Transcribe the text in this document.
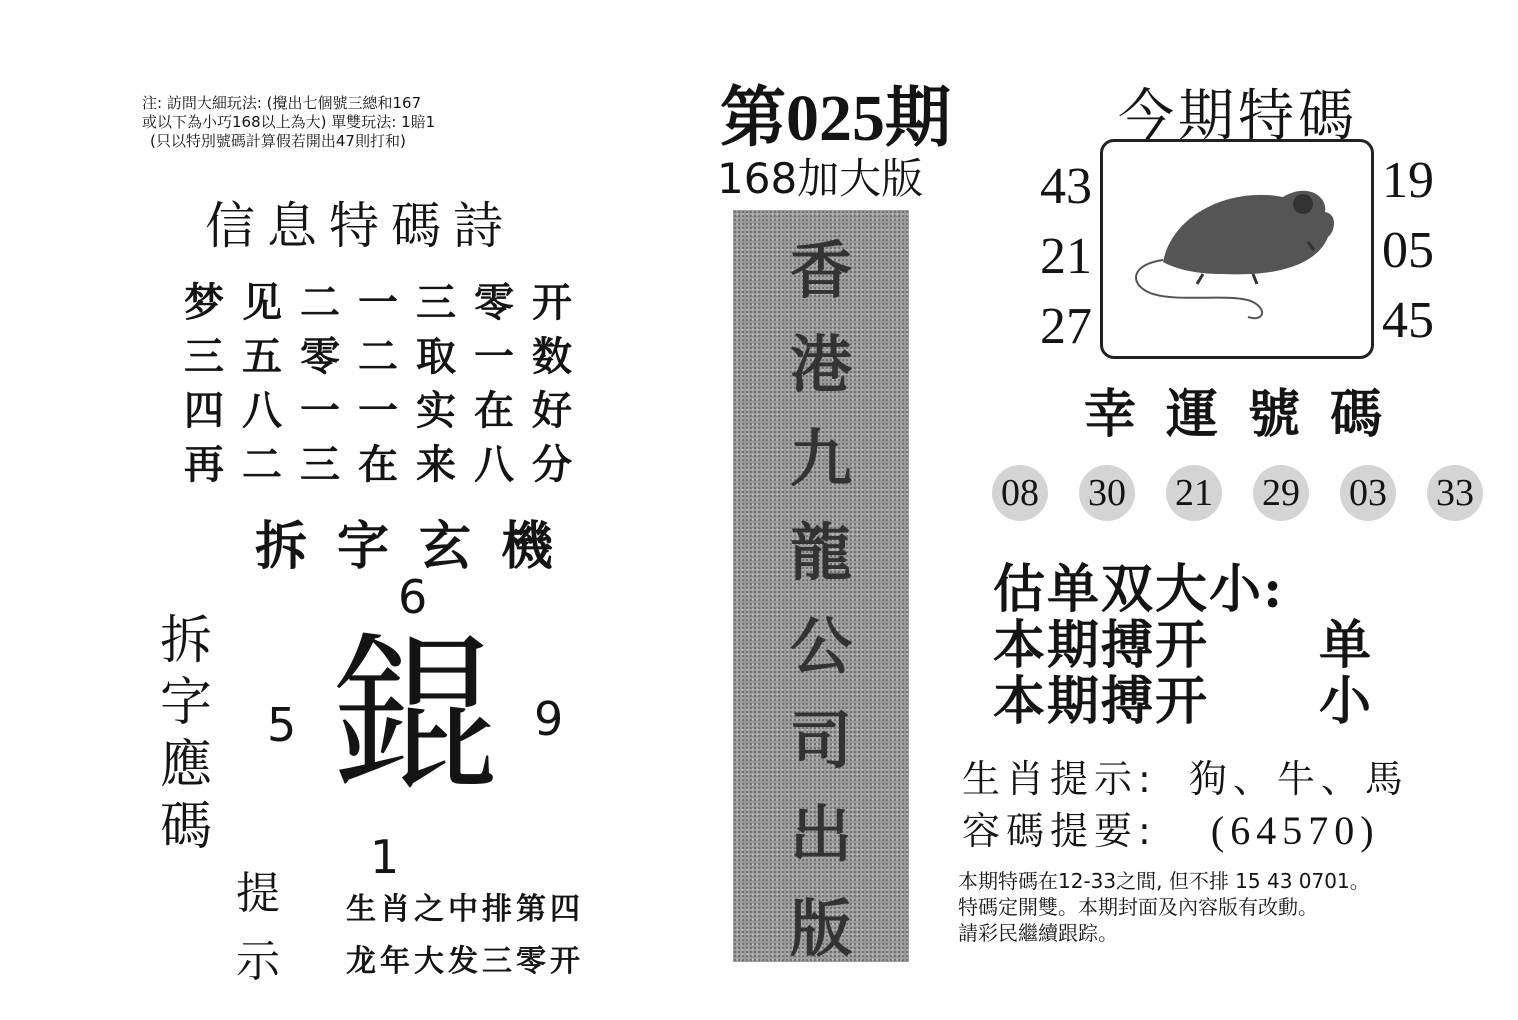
注: 訪問大細玩法: (攪出七個號三總和167
或以下為小巧168以上為大) 單雙玩法: 1賠1
(只以特別號碼計算假若開出47則打和)
信息特碼詩
梦 见 二 一 三 零 开
三 五 零 二 取 一 数
四 八 一 一 实 在 好
再 二 三 在 来 八 分
拆字玄機
拆
字
應
碼
6
5	9
1
錕
提
示
生肖之中排第四
龙年大发三零开
第025期
168加大版
香
港
九
龍
公
司
出
版
今期特碼
43
21
27
19
05
45
幸運號碼
08 30 21 29 03 33
估单双大小:
本期搏开 单
本期搏开 小
生肖提示: 狗、牛、馬
容碼提要: (64570)
本期特碼在12-33之間, 但不排 15 43 0701。
特碼定開雙。本期封面及內容版有改動。
請彩民繼續跟踪。
